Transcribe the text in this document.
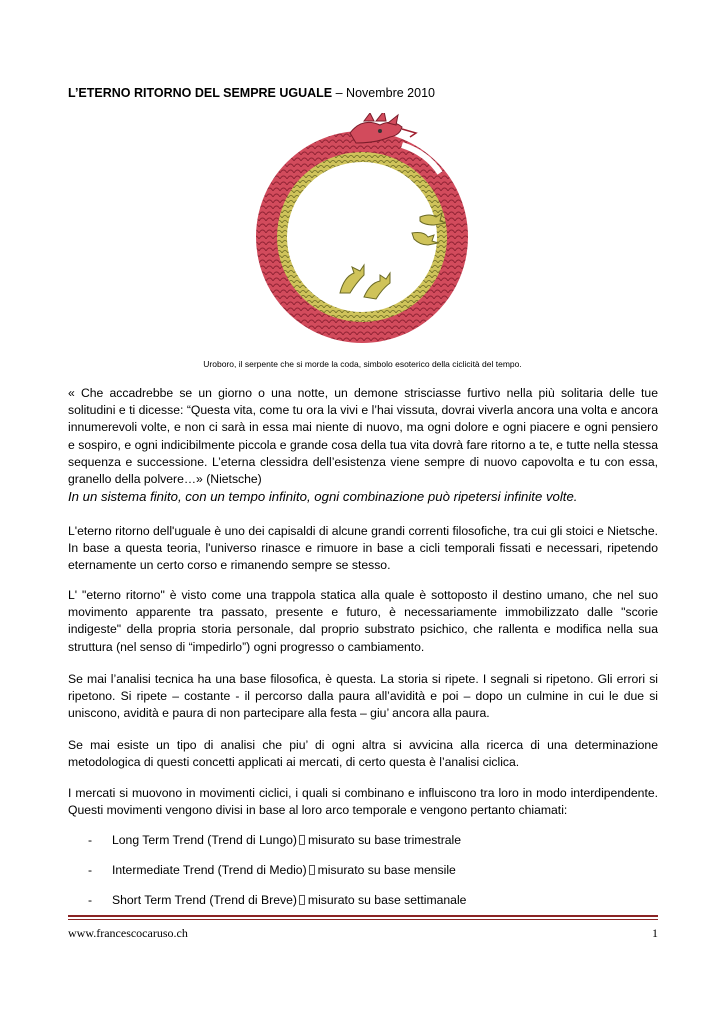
L’ETERNO RITORNO DEL SEMPRE UGUALE – Novembre 2010
Uroboro, il serpente che si morde la coda, simbolo esoterico della ciclicità del tempo.
« Che accadrebbe se un giorno o una notte, un demone strisciasse furtivo nella più solitaria delle tue solitudini e ti dicesse: “Questa vita, come tu ora la vivi e l’hai vissuta, dovrai viverla ancora una volta e ancora innumerevoli volte, e non ci sarà in essa mai niente di nuovo, ma ogni dolore e ogni piacere e ogni pensiero e sospiro, e ogni indicibilmente piccola e grande cosa della tua vita dovrà fare ritorno a te, e tutte nella stessa sequenza e successione. L’eterna clessidra dell’esistenza viene sempre di nuovo capovolta e tu con essa, granello della polvere…» (Nietsche)
In un sistema finito, con un tempo infinito, ogni combinazione può ripetersi infinite volte.
L'eterno ritorno dell'uguale è uno dei capisaldi di alcune grandi correnti filosofiche, tra cui gli stoici e Nietsche. In base a questa teoria, l'universo rinasce e rimuore in base a cicli temporali fissati e necessari, ripetendo eternamente un certo corso e rimanendo sempre se stesso.
L' "eterno ritorno" è visto come una trappola statica alla quale è sottoposto il destino umano, che nel suo movimento apparente tra passato, presente e futuro, è necessariamente immobilizzato dalle "scorie indigeste" della propria storia personale, dal proprio substrato psichico, che rallenta e modifica nella sua struttura (nel senso di “impedirlo”) ogni progresso o cambiamento.
Se mai l’analisi tecnica ha una base filosofica, è questa. La storia si ripete. I segnali si ripetono. Gli errori si ripetono. Si ripete – costante - il percorso dalla paura all’avidità e poi – dopo un culmine in cui le due si uniscono, avidità e paura di non partecipare alla festa – giu’ ancora alla paura.
Se mai esiste un tipo di analisi che piu’ di ogni altra si avvicina alla ricerca di una determinazione metodologica di questi concetti applicati ai mercati, di certo questa è l’analisi ciclica.
I mercati si muovono in movimenti ciclici, i quali si combinano e influiscono tra loro in modo interdipendente. Questi movimenti vengono divisi in base al loro arco temporale e vengono pertanto chiamati:
- Long Term Trend (Trend di Lungo) misurato su base trimestrale
- Intermediate Trend (Trend di Medio) misurato su base mensile
- Short Term Trend (Trend di Breve) misurato su base settimanale
www.francescocaruso.ch	1
